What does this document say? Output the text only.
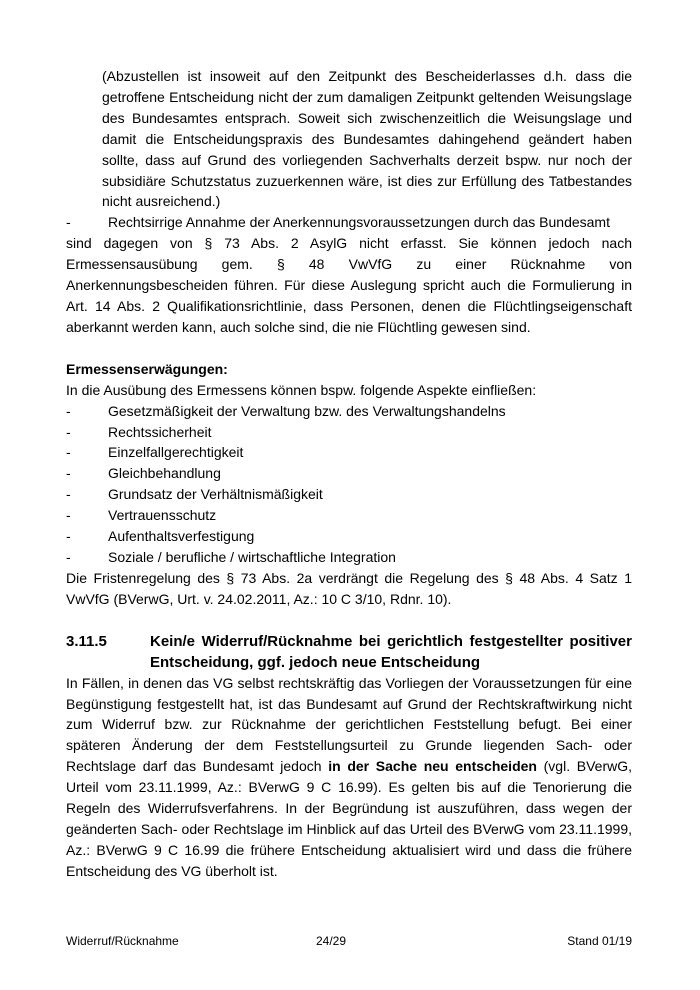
(Abzustellen ist insoweit auf den Zeitpunkt des Bescheiderlasses d.h. dass die getroffene Entscheidung nicht der zum damaligen Zeitpunkt geltenden Weisungslage des Bundesamtes entsprach. Soweit sich zwischenzeitlich die Weisungslage und damit die Entscheidungspraxis des Bundesamtes dahingehend geändert haben sollte, dass auf Grund des vorliegenden Sachverhalts derzeit bspw. nur noch der subsidiäre Schutzstatus zuzuerkennen wäre, ist dies zur Erfüllung des Tatbestandes nicht ausreichend.)
-	Rechtsirrige Annahme der Anerkennungsvoraussetzungen durch das Bundesamt
sind dagegen von § 73 Abs. 2 AsylG nicht erfasst. Sie können jedoch nach Ermessensausübung gem. § 48 VwVfG zu einer Rücknahme von Anerkennungsbescheiden führen. Für diese Auslegung spricht auch die Formulierung in Art. 14 Abs. 2 Qualifikationsrichtlinie, dass Personen, denen die Flüchtlingseigenschaft aberkannt werden kann, auch solche sind, die nie Flüchtling gewesen sind.
Ermessenserwägungen:
In die Ausübung des Ermessens können bspw. folgende Aspekte einfließen:
-	Gesetzmäßigkeit der Verwaltung bzw. des Verwaltungshandelns
-	Rechtssicherheit
-	Einzelfallgerechtigkeit
-	Gleichbehandlung
-	Grundsatz der Verhältnismäßigkeit
-	Vertrauensschutz
-	Aufenthaltsverfestigung
-	Soziale / berufliche / wirtschaftliche Integration
Die Fristenregelung des § 73 Abs. 2a verdrängt die Regelung des § 48 Abs. 4 Satz 1 VwVfG (BVerwG, Urt. v. 24.02.2011, Az.: 10 C 3/10, Rdnr. 10).
3.11.5	Kein/e Widerruf/Rücknahme bei gerichtlich festgestellter positiver Entscheidung, ggf. jedoch neue Entscheidung
In Fällen, in denen das VG selbst rechtskräftig das Vorliegen der Voraussetzungen für eine Begünstigung festgestellt hat, ist das Bundesamt auf Grund der Rechtskraftwirkung nicht zum Widerruf bzw. zur Rücknahme der gerichtlichen Feststellung befugt. Bei einer späteren Änderung der dem Feststellungsurteil zu Grunde liegenden Sach- oder Rechtslage darf das Bundesamt jedoch in der Sache neu entscheiden (vgl. BVerwG, Urteil vom 23.11.1999, Az.: BVerwG 9 C 16.99). Es gelten bis auf die Tenorierung die Regeln des Widerrufsverfahrens. In der Begründung ist auszuführen, dass wegen der geänderten Sach- oder Rechtslage im Hinblick auf das Urteil des BVerwG vom 23.11.1999, Az.: BVerwG 9 C 16.99 die frühere Entscheidung aktualisiert wird und dass die frühere Entscheidung des VG überholt ist.
Widerruf/Rücknahme	24/29	Stand 01/19
